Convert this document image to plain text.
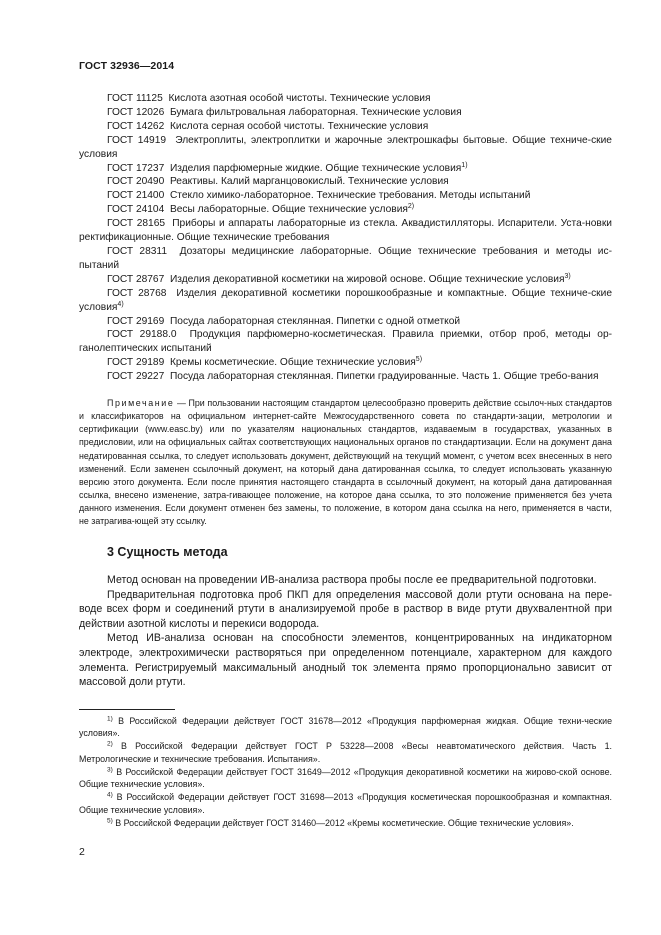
ГОСТ 32936—2014

ГОСТ 11125 Кислота азотная особой чистоты. Технические условия

ГОСТ 12026 Бумага фильтровальная лабораторная. Технические условия

ГОСТ 14262 Кислота серная особой чистоты. Технические условия

ГОСТ 14919 Электроплиты, электроплитки и жарочные электрошкафы бытовые. Общие техниче-ские условия

ГОСТ 17237 Изделия парфюмерные жидкие. Общие технические условия$^{1)}$

ГОСТ 20490 Реактивы. Калий марганцовокислый. Технические условия

ГОСТ 21400 Стекло химико-лабораторное. Технические требования. Методы испытаний

ГОСТ 24104 Весы лабораторные. Общие технические условия$^{2)}$

ГОСТ 28165 Приборы и аппараты лабораторные из стекла. Аквадистилляторы. Испарители. Уста-новки ректификационные. Общие технические требования

ГОСТ 28311 Дозаторы медицинские лабораторные. Общие технические требования и методы ис-пытаний

ГОСТ 28767 Изделия декоративной косметики на жировой основе. Общие технические условия$^{3)}$

ГОСТ 28768 Изделия декоративной косметики порошкообразные и компактные. Общие техниче-ские условия$^{4)}$

ГОСТ 29169 Посуда лабораторная стеклянная. Пипетки с одной отметкой

ГОСТ 29188.0 Продукция парфюмерно-косметическая. Правила приемки, отбор проб, методы ор-ганолептических испытаний

ГОСТ 29189 Кремы косметические. Общие технические условия$^{5)}$

ГОСТ 29227 Посуда лабораторная стеклянная. Пипетки градуированные. Часть 1. Общие требо-вания

Примечание — При пользовании настоящим стандартом целесообразно проверить действие ссылоч-ных стандартов и классификаторов на официальном интернет-сайте Межгосударственного совета по стандарти-зации, метрологии и сертификации (www.easc.by) или по указателям национальных стандартов, издаваемым в государствах, указанных в предисловии, или на официальных сайтах соответствующих национальных органов по стандартизации. Если на документ дана недатированная ссылка, то следует использовать документ, действующий на текущий момент, с учетом всех внесенных в него изменений. Если заменен ссылочный документ, на который дана датированная ссылка, то следует использовать указанную версию этого документа. Если после принятия настоящего стандарта в ссылочный документ, на который дана датированная ссылка, внесено изменение, затра-гивающее положение, на которое дана ссылка, то это положение применяется без учета данного изменения. Если документ отменен без замены, то положение, в котором дана ссылка на него, применяется в части, не затрагива-ющей эту ссылку.

3 Сущность метода

Метод основан на проведении ИВ-анализа раствора пробы после ее предварительной подготовки.

Предварительная подготовка проб ПКП для определения массовой доли ртути основана на пере-воде всех форм и соединений ртути в анализируемой пробе в раствор в виде ртути двухвалентной при действии азотной кислоты и перекиси водорода.

Метод ИВ-анализа основан на способности элементов, концентрированных на индикаторном электроде, электрохимически растворяться при определенном потенциале, характерном для каждого элемента. Регистрируемый максимальный анодный ток элемента прямо пропорционально зависит от массовой доли ртути.

$^{1)}$ В Российской Федерации действует ГОСТ 31678—2012 «Продукция парфюмерная жидкая. Общие техни-ческие условия».

$^{2)}$ В Российской Федерации действует ГОСТ Р 53228—2008 «Весы неавтоматического действия. Часть 1. Метрологические и технические требования. Испытания».

$^{3)}$ В Российской Федерации действует ГОСТ 31649—2012 «Продукция декоративной косметики на жирово-ской основе. Общие технические условия».

$^{4)}$ В Российской Федерации действует ГОСТ 31698—2013 «Продукция косметическая порошкообразная и компактная. Общие технические условия».

$^{5)}$ В Российской Федерации действует ГОСТ 31460—2012 «Кремы косметические. Общие технические условия».

2
